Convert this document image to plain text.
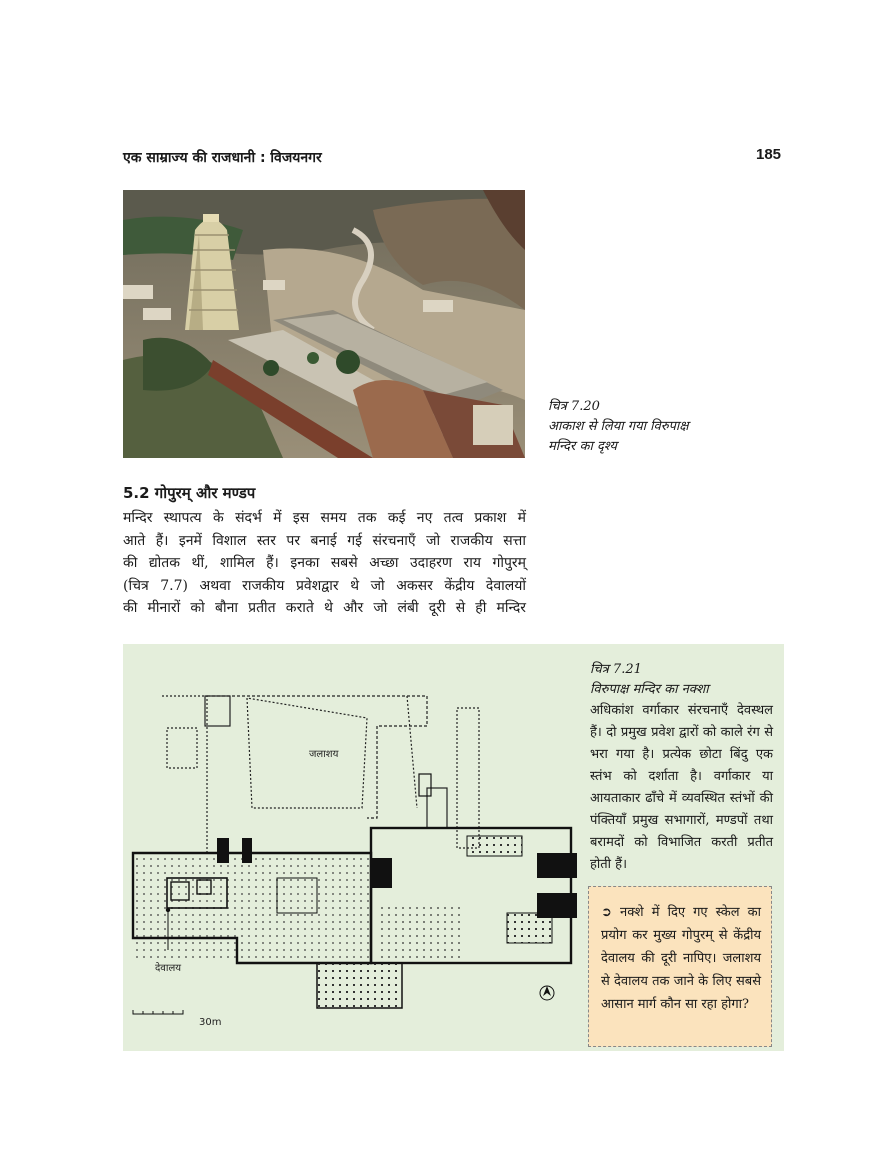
एक साम्राज्य की राजधानी : विजयनगर	185
चित्र 7.20
आकाश से लिया गया विरुपाक्ष
मन्दिर का दृश्य
5.2 गोपुरम् और मण्डप

मन्दिर स्थापत्य के संदर्भ में इस समय तक कई नए तत्व प्रकाश में

आते हैं। इनमें विशाल स्तर पर बनाई गई संरचनाएँ जो राजकीय सत्ता

की द्योतक थीं, शामिल हैं। इनका सबसे अच्छा उदाहरण राय गोपुरम्

(चित्र 7.7) अथवा राजकीय प्रवेशद्वार थे जो अकसर केंद्रीय देवालयों

की मीनारों को बौना प्रतीत कराते थे और जो लंबी दूरी से ही मन्दिर

जलाशय
देवालय
30m
चित्र 7.21
विरुपाक्ष मन्दिर का नक्शा
अधिकांश वर्गाकार संरचनाएँ देवस्थल हैं। दो प्रमुख प्रवेश द्वारों को काले रंग से भरा गया है। प्रत्येक छोटा बिंदु एक स्तंभ को दर्शाता है। वर्गाकार या आयताकार ढाँचे में व्यवस्थित स्तंभों की पंक्तियाँ प्रमुख सभागारों, मण्डपों तथा बरामदों को विभाजित करती प्रतीत होती हैं।
➲ नक्शे में दिए गए स्केल का प्रयोग कर मुख्य गोपुरम् से केंद्रीय देवालय की दूरी नापिए। जलाशय से देवालय तक जाने के लिए सबसे आसान मार्ग कौन सा रहा होगा?
